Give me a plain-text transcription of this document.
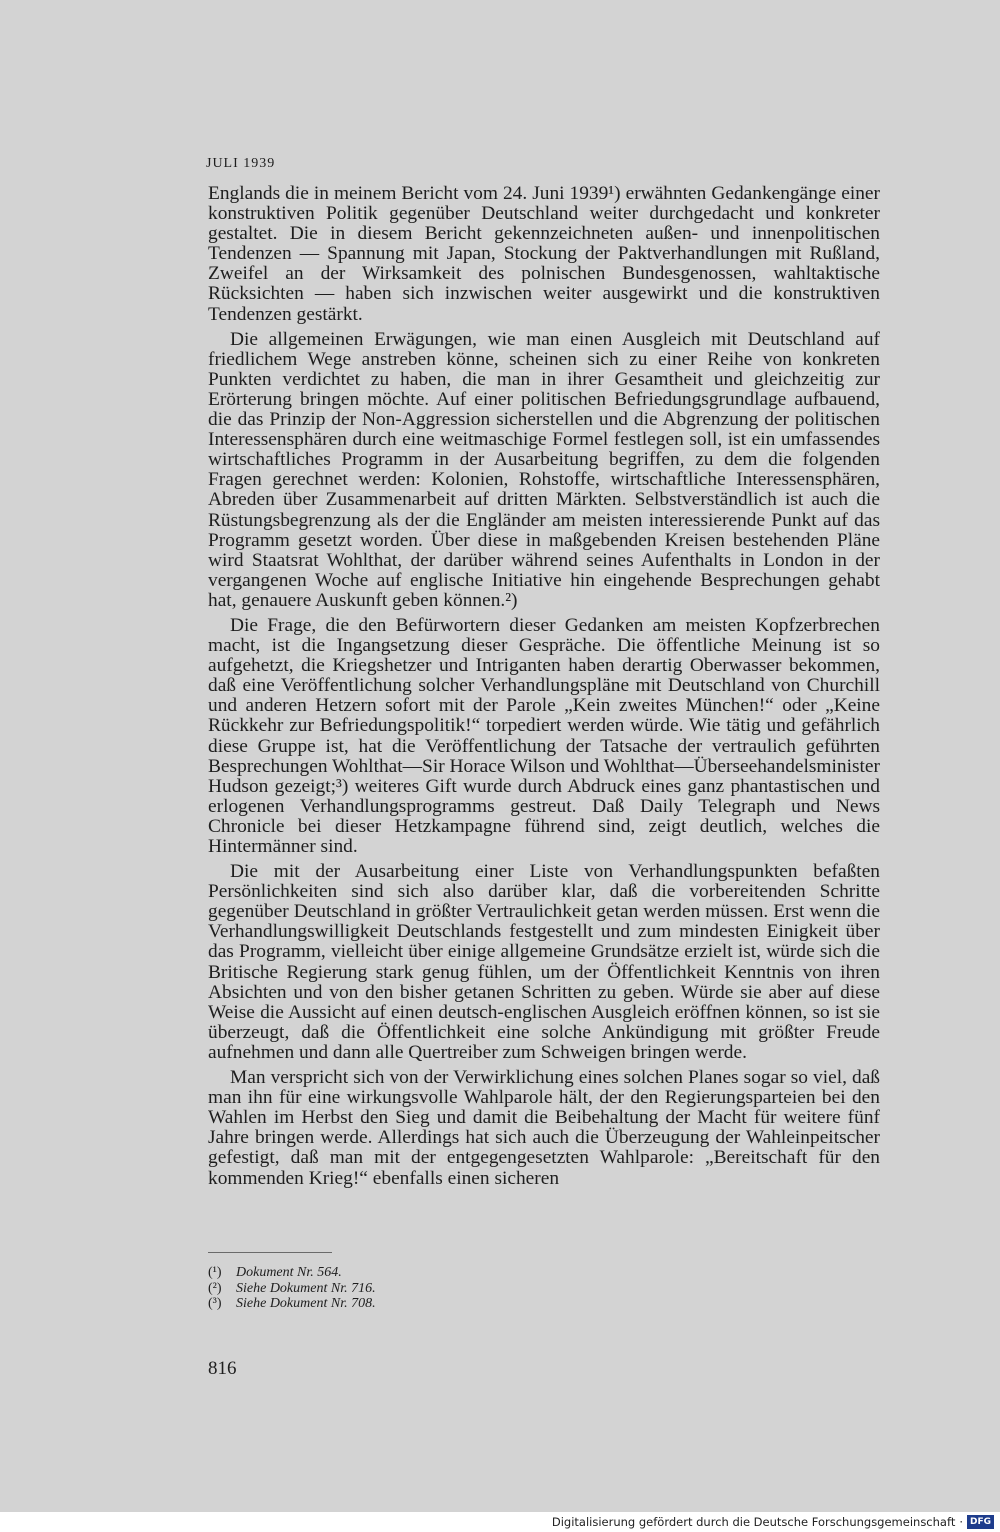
JULI 1939

Englands die in meinem Bericht vom 24. Juni 1939¹) erwähnten Gedankengänge einer konstruktiven Politik gegenüber Deutschland weiter durchgedacht und konkreter gestaltet. Die in diesem Bericht gekennzeichneten außen- und innenpolitischen Tendenzen — Spannung mit Japan, Stockung der Paktverhandlungen mit Rußland, Zweifel an der Wirksamkeit des polnischen Bundesgenossen, wahltaktische Rücksichten — haben sich inzwischen weiter ausgewirkt und die konstruktiven Tendenzen gestärkt.

Die allgemeinen Erwägungen, wie man einen Ausgleich mit Deutschland auf friedlichem Wege anstreben könne, scheinen sich zu einer Reihe von konkreten Punkten verdichtet zu haben, die man in ihrer Gesamtheit und gleichzeitig zur Erörterung bringen möchte. Auf einer politischen Befriedungsgrundlage aufbauend, die das Prinzip der Non-Aggression sicherstellen und die Abgrenzung der politischen Interessensphären durch eine weitmaschige Formel festlegen soll, ist ein umfassendes wirtschaftliches Programm in der Ausarbeitung begriffen, zu dem die folgenden Fragen gerechnet werden: Kolonien, Rohstoffe, wirtschaftliche Interessensphären, Abreden über Zusammenarbeit auf dritten Märkten. Selbstverständlich ist auch die Rüstungsbegrenzung als der die Engländer am meisten interessierende Punkt auf das Programm gesetzt worden. Über diese in maßgebenden Kreisen bestehenden Pläne wird Staatsrat Wohlthat, der darüber während seines Aufenthalts in London in der vergangenen Woche auf englische Initiative hin eingehende Besprechungen gehabt hat, genauere Auskunft geben können.²)

Die Frage, die den Befürwortern dieser Gedanken am meisten Kopfzerbrechen macht, ist die Ingangsetzung dieser Gespräche. Die öffentliche Meinung ist so aufgehetzt, die Kriegshetzer und Intriganten haben derartig Oberwasser bekommen, daß eine Veröffentlichung solcher Verhandlungspläne mit Deutschland von Churchill und anderen Hetzern sofort mit der Parole „Kein zweites München!“ oder „Keine Rückkehr zur Befriedungspolitik!“ torpediert werden würde. Wie tätig und gefährlich diese Gruppe ist, hat die Veröffentlichung der Tatsache der vertraulich geführten Besprechungen Wohlthat—Sir Horace Wilson und Wohlthat—Überseehandelsminister Hudson gezeigt;³) weiteres Gift wurde durch Abdruck eines ganz phantastischen und erlogenen Verhandlungsprogramms gestreut. Daß Daily Telegraph und News Chronicle bei dieser Hetzkampagne führend sind, zeigt deutlich, welches die Hintermänner sind.

Die mit der Ausarbeitung einer Liste von Verhandlungspunkten befaßten Persönlichkeiten sind sich also darüber klar, daß die vorbereitenden Schritte gegenüber Deutschland in größter Vertraulichkeit getan werden müssen. Erst wenn die Verhandlungswilligkeit Deutschlands festgestellt und zum mindesten Einigkeit über das Programm, vielleicht über einige allgemeine Grundsätze erzielt ist, würde sich die Britische Regierung stark genug fühlen, um der Öffentlichkeit Kenntnis von ihren Absichten und von den bisher getanen Schritten zu geben. Würde sie aber auf diese Weise die Aussicht auf einen deutsch-englischen Ausgleich eröffnen können, so ist sie überzeugt, daß die Öffentlichkeit eine solche Ankündigung mit größter Freude aufnehmen und dann alle Quertreiber zum Schweigen bringen werde.

Man verspricht sich von der Verwirklichung eines solchen Planes sogar so viel, daß man ihn für eine wirkungsvolle Wahlparole hält, der den Regierungsparteien bei den Wahlen im Herbst den Sieg und damit die Beibehaltung der Macht für weitere fünf Jahre bringen werde. Allerdings hat sich auch die Überzeugung der Wahleinpeitscher gefestigt, daß man mit der entgegengesetzten Wahlparole: „Bereitschaft für den kommenden Krieg!“ ebenfalls einen sicheren

(¹) Dokument Nr. 564.
(²) Siehe Dokument Nr. 716.
(³) Siehe Dokument Nr. 708.
816
Digitalisierung gefördert durch die Deutsche Forschungsgemeinschaft · DFG
